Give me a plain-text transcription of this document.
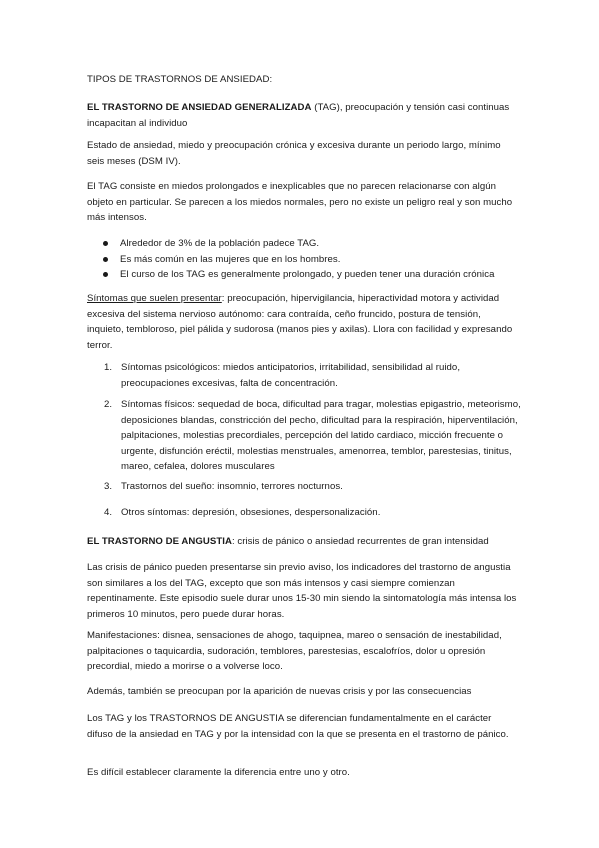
TIPOS DE TRASTORNOS DE ANSIEDAD:

EL TRASTORNO DE ANSIEDAD GENERALIZADA (TAG), preocupación y tensión casi continuas incapacitan al individuo

Estado de ansiedad, miedo y preocupación crónica y excesiva durante un periodo largo, mínimo seis meses (DSM IV).

El TAG consiste en miedos prolongados e inexplicables que no parecen relacionarse con algún objeto en particular. Se parecen a los miedos normales, pero no existe un peligro real y son mucho más intensos.

Alrededor de 3% de la población padece TAG.
Es más común en las mujeres que en los hombres.
El curso de los TAG es generalmente prolongado, y pueden tener una duración crónica

Síntomas que suelen presentar: preocupación, hipervigilancia, hiperactividad motora y actividad excesiva del sistema nervioso autónomo: cara contraída, ceño fruncido, postura de tensión, inquieto, tembloroso, piel pálida y sudorosa (manos pies y axilas). Llora con facilidad y expresando terror.

1. Síntomas psicológicos: miedos anticipatorios, irritabilidad, sensibilidad al ruido, preocupaciones excesivas, falta de concentración.
2. Síntomas físicos: sequedad de boca, dificultad para tragar, molestias epigastrio, meteorismo, deposiciones blandas, constricción del pecho, dificultad para la respiración, hiperventilación, palpitaciones, molestias precordiales, percepción del latido cardiaco, micción frecuente o urgente, disfunción eréctil, molestias menstruales, amenorrea, temblor, parestesias, tinitus, mareo, cefalea, dolores musculares
3. Trastornos del sueño: insomnio, terrores nocturnos.
4. Otros síntomas: depresión, obsesiones, despersonalización.

EL TRASTORNO DE ANGUSTIA: crisis de pánico o ansiedad recurrentes de gran intensidad

Las crisis de pánico pueden presentarse sin previo aviso, los indicadores del trastorno de angustia son similares a los del TAG, excepto que son más intensos y casi siempre comienzan repentinamente. Este episodio suele durar unos 15-30 min siendo la sintomatología más intensa los primeros 10 minutos, pero puede durar horas.

Manifestaciones: disnea, sensaciones de ahogo, taquipnea, mareo o sensación de inestabilidad, palpitaciones o taquicardia, sudoración, temblores, parestesias, escalofríos, dolor u opresión precordial, miedo a morirse o a volverse loco.

Además, también se preocupan por la aparición de nuevas crisis y por las consecuencias

Los TAG y los TRASTORNOS DE ANGUSTIA se diferencian fundamentalmente en el carácter difuso de la ansiedad en TAG y por la intensidad con la que se presenta en el trastorno de pánico.

Es difícil establecer claramente la diferencia entre uno y otro.
